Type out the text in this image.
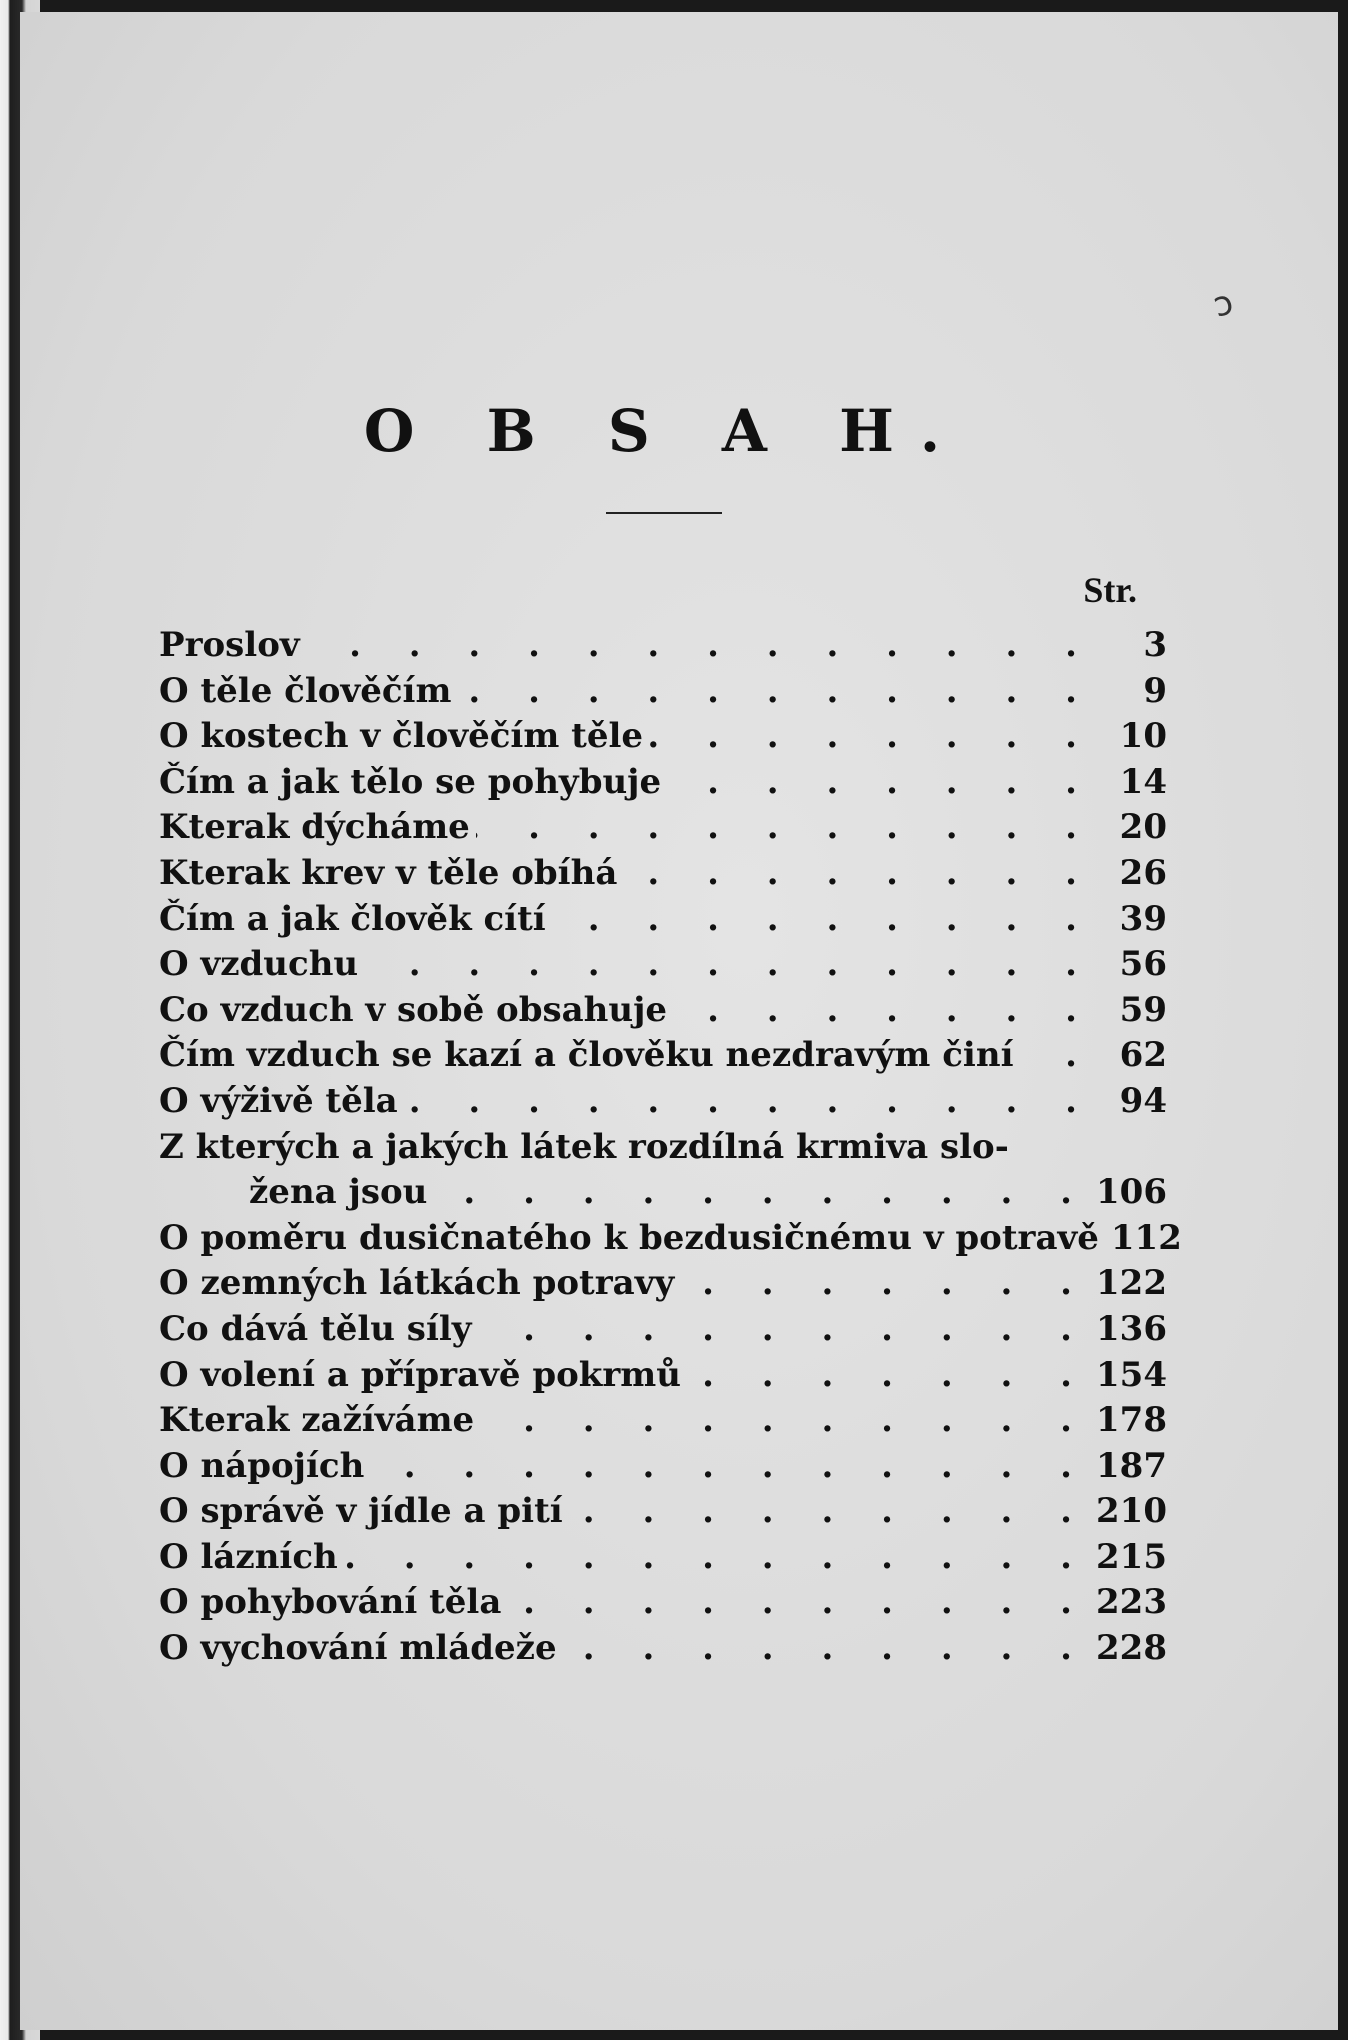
O B S A H.
Str.
ↄ
Proslov . . .	3
O těle člověčím . . .	9
O kostech v člověčím těle . . .	10
Čím a jak tělo se pohybuje . . .	14
Kterak dýcháme . . .	20
Kterak krev v těle obíhá . . .	26
Čím a jak člověk cítí . . .	39
O vzduchu . . .	56
Co vzduch v sobě obsahuje . . .	59
Čím vzduch se kazí a člověku nezdravým činí . . .	62
O výživě těla . . .	94
Z kterých a jakých látek rozdílná krmiva slo-
žena jsou . . .	106
O poměru dusičnatého k bezdusičnému v potravě 112
O zemných látkách potravy . . .	122
Co dává tělu síly . . .	136
O volení a přípravě pokrmů . . .	154
Kterak zažíváme . . .	178
O nápojích . . .	187
O správě v jídle a pití . . .	210
O lázních . . .	215
O pohybování těla . . .	223
O vychování mládeže . . .	228
